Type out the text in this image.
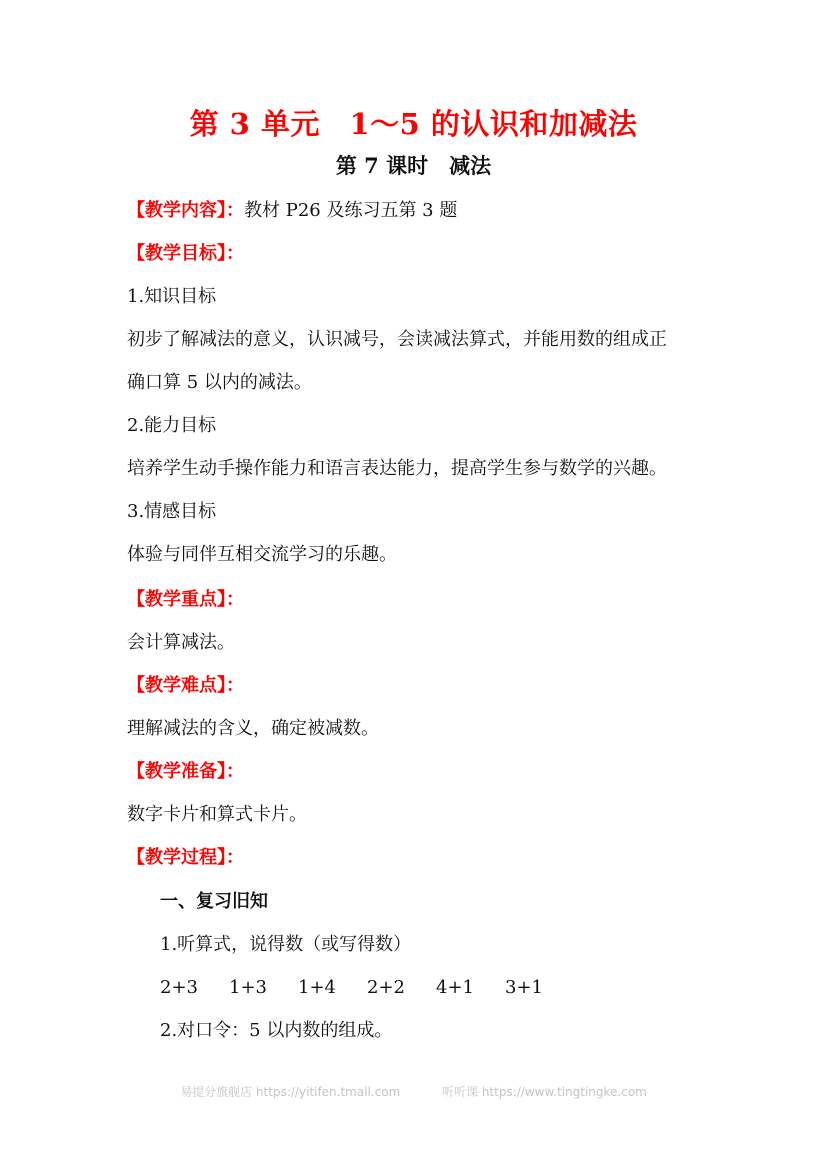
第 3 单元　1～5 的认识和加减法
第 7 课时　减法
【教学内容】：教材 P26 及练习五第 3 题
【教学目标】：
1.知识目标
初步了解减法的意义，认识减号，会读减法算式，并能用数的组成正
确口算 5 以内的减法。
2.能力目标
培养学生动手操作能力和语言表达能力，提高学生参与数学的兴趣。
3.情感目标
体验与同伴互相交流学习的乐趣。
【教学重点】：
会计算减法。
【教学难点】：
理解减法的含义，确定被减数。
【教学准备】：
数字卡片和算式卡片。
【教学过程】：
一、复习旧知
1.听算式，说得数（或写得数）
2+3 1+3 1+4 2+2 4+1 3+1
2.对口令：5 以内数的组成。
易提分旗舰店 https://yitifen.tmall.com	听听课 https://www.tingtingke.com
